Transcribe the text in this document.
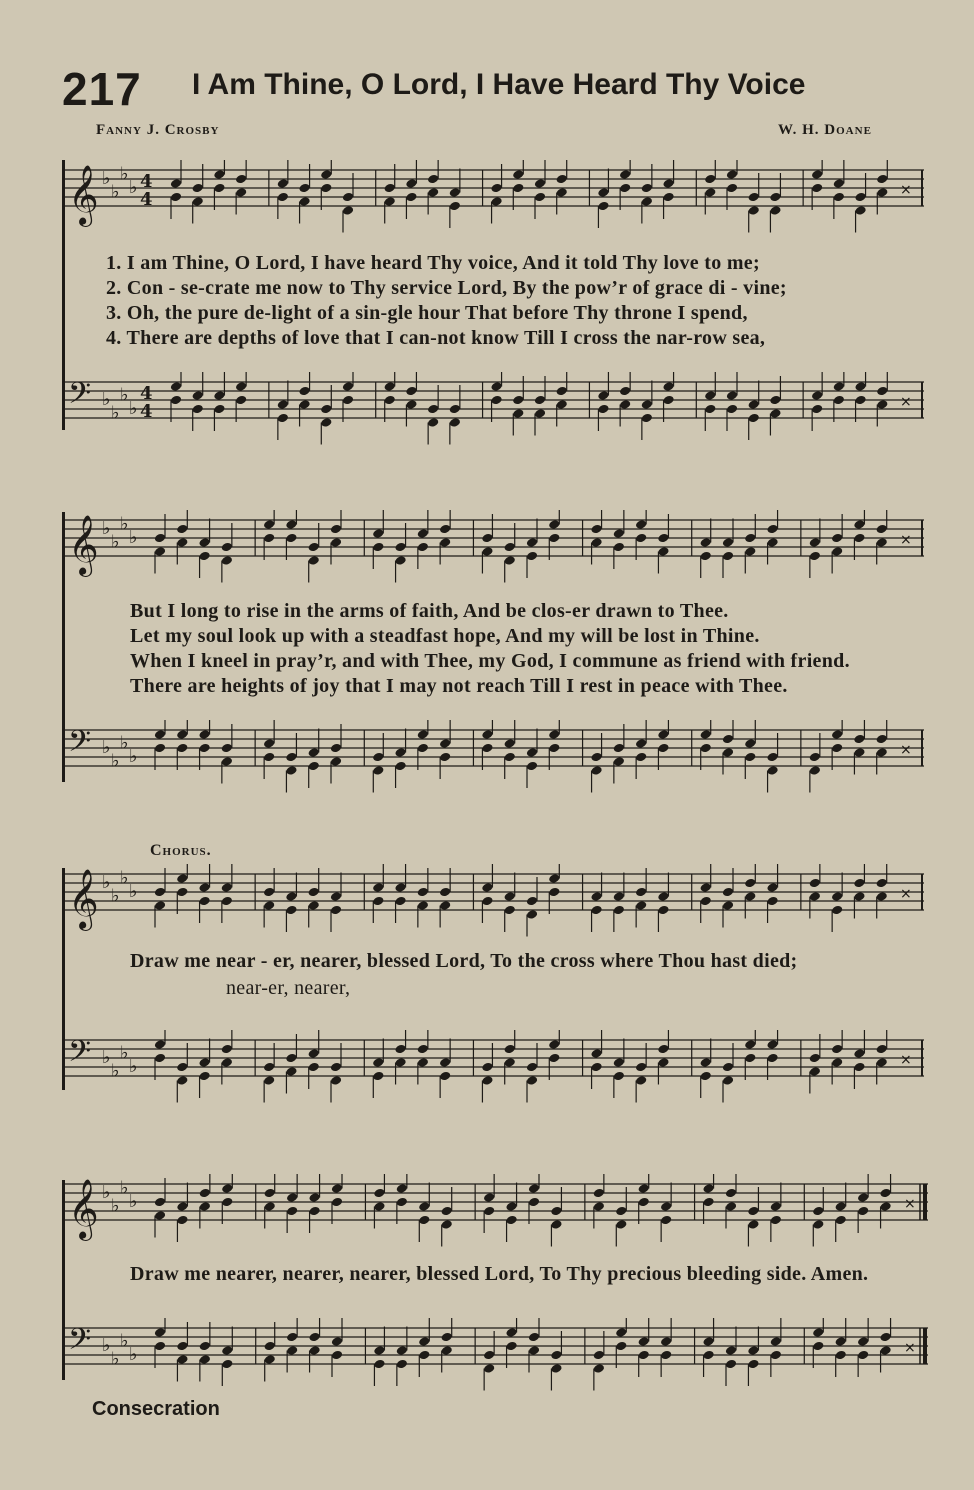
217 I Am Thine, O Lord, I Have Heard Thy Voice
Fanny J. Crosby	W. H. Doane
𝄞 ♭
♭
♭
♭ 4
4	×
1. I am Thine, O Lord, I have heard Thy voice, And it told Thy love to me;
2. Con - se-crate me now to Thy service Lord, By the pow’r of grace di - vine;
3. Oh, the pure de-light of a sin-gle hour That before Thy throne I spend,
4. There are depths of love that I can-not know Till I cross the nar-row sea,
𝄢 ♭
♭
♭
♭
4
4	×
𝄞 ♭
♭
♭
♭	×
But I long to rise in the arms of faith, And be clos-er drawn to Thee.
Let my soul look up with a steadfast hope, And my will be lost in Thine.
When I kneel in pray’r, and with Thee, my God, I commune as friend with friend.
There are heights of joy that I may not reach Till I rest in peace with Thee.
𝄢 ♭
♭
♭
♭	×
Chorus.
𝄞 ♭
♭
♭
♭	×
Draw me near - er, nearer, blessed Lord, To the cross where Thou hast died;
near-er, nearer,
𝄢 ♭
♭
♭
♭	×
𝄞 ♭
♭
♭
♭	×
Draw me nearer, nearer, nearer, blessed Lord, To Thy precious bleeding side. Amen.
𝄢 ♭
♭
♭
♭	×
Consecration
